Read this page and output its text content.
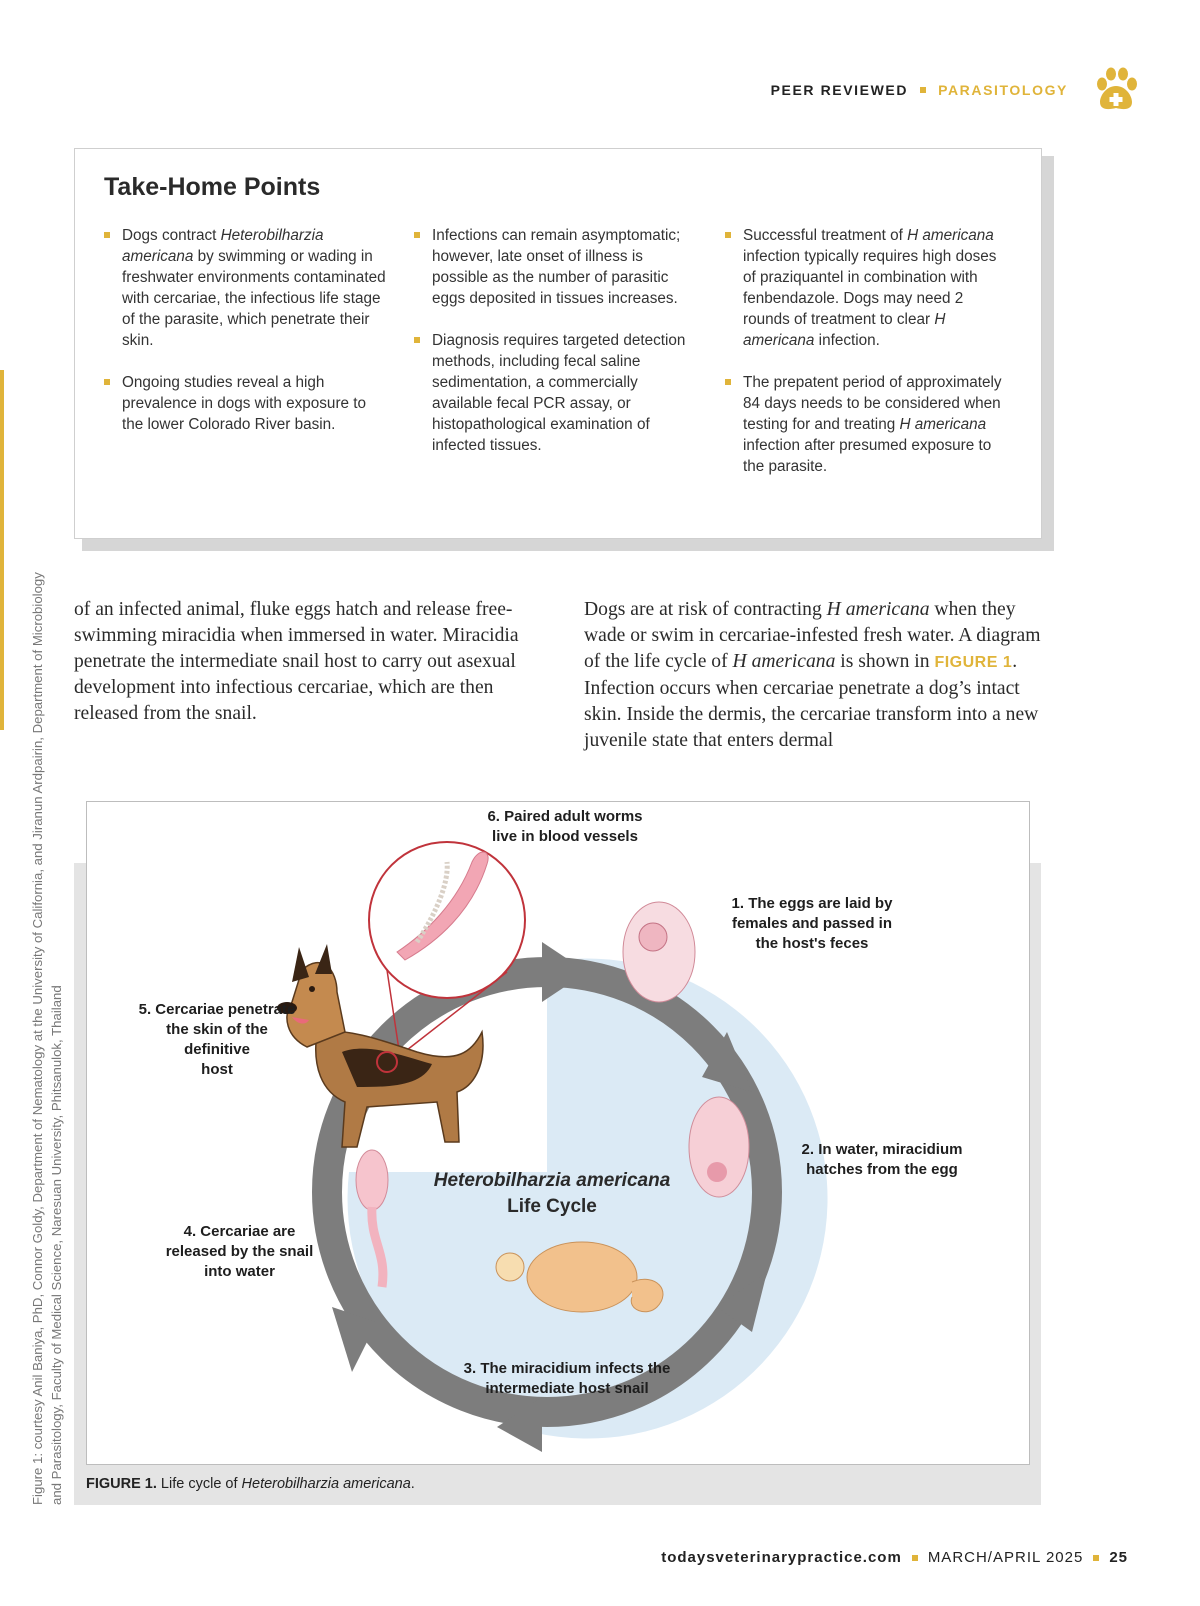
PEER REVIEWED PARASITOLOGY
Take-Home Points
Dogs contract Heterobilharzia americana by swimming or wading in freshwater environments contaminated with cercariae, the infectious life stage of the parasite, which penetrate their skin.
Ongoing studies reveal a high prevalence in dogs with exposure to the lower Colorado River basin.
Infections can remain asymptomatic; however, late onset of illness is possible as the number of parasitic eggs deposited in tissues increases.
Diagnosis requires targeted detection methods, including fecal saline sedimentation, a commercially available fecal PCR assay, or histopathological examination of infected tissues.
Successful treatment of H americana infection typically requires high doses of praziquantel in combination with fenbendazole. Dogs may need 2 rounds of treatment to clear H americana infection.
The prepatent period of approximately 84 days needs to be considered when testing for and treating H americana infection after presumed exposure to the parasite.
Figure 1: courtesy Anil Baniya, PhD, Connor Goldy, Department of Nematology at the University of California, and Jiranun Ardpairin, Department of Microbiology and Parasitology, Faculty of Medical Science, Naresuan University, Phitsanulok, Thailand
of an infected animal, fluke eggs hatch and release free-swimming miracidia when immersed in water. Miracidia penetrate the intermediate snail host to carry out asexual development into infectious cercariae, which are then released from the snail.
Dogs are at risk of contracting H americana when they wade or swim in cercariae-infested fresh water. A diagram of the life cycle of H americana is shown in FIGURE 1. Infection occurs when cercariae penetrate a dog’s intact skin. Inside the dermis, the cercariae transform into a new juvenile state that enters dermal
Heterobilharzia americana
Life Cycle
6. Paired adult worms
live in blood vessels
1. The eggs are laid by
females and passed in
the host's feces
2. In water, miracidium
hatches from the egg
3. The miracidium infects the
intermediate host snail
4. Cercariae are
released by the snail
into water
5. Cercariae penetrate
the skin of the
definitive
host
FIGURE 1. Life cycle of Heterobilharzia americana.
todaysveterinarypractice.com MARCH/APRIL 2025 25
